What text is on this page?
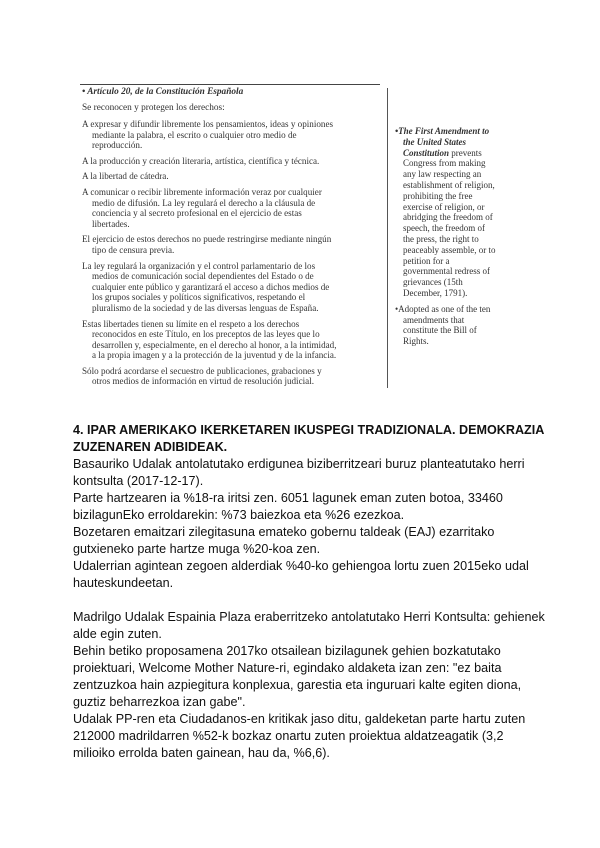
• Artículo 20, de la Constitución Española
Se reconocen y protegen los derechos:

A expresar y difundir libremente los pensamientos, ideas y opiniones
mediante la palabra, el escrito o cualquier otro medio de
reproducción.

A la producción y creación literaria, artística, científica y técnica.

A la libertad de cátedra.

A comunicar o recibir libremente información veraz por cualquier
medio de difusión. La ley regulará el derecho a la cláusula de
conciencia y al secreto profesional en el ejercicio de estas
libertades.

El ejercicio de estos derechos no puede restringirse mediante ningún
tipo de censura previa.

La ley regulará la organización y el control parlamentario de los
medios de comunicación social dependientes del Estado o de
cualquier ente público y garantizará el acceso a dichos medios de
los grupos sociales y políticos significativos, respetando el
pluralismo de la sociedad y de las diversas lenguas de España.

Estas libertades tienen su límite en el respeto a los derechos
reconocidos en este Título, en los preceptos de las leyes que lo
desarrollen y, especialmente, en el derecho al honor, a la intimidad,
a la propia imagen y a la protección de la juventud y de la infancia.

Sólo podrá acordarse el secuestro de publicaciones, grabaciones y
otros medios de información en virtud de resolución judicial.

• The First Amendment to
the United States
Constitution prevents
Congress from making
any law respecting an
establishment of religion,
prohibiting the free
exercise of religion, or
abridging the freedom of
speech, the freedom of
the press, the right to
peaceably assemble, or to
petition for a
governmental redress of
grievances (15th
December, 1791).
• Adopted as one of the ten
amendments that
constitute the Bill of
Rights.
4. IPAR AMERIKAKO IKERKETAREN IKUSPEGI TRADIZIONALA. DEMOKRAZIA
ZUZENAREN ADIBIDEAK.

Basauriko Udalak antolatutako erdigunea biziberritzeari buruz planteatutako herri

kontsulta (2017-12-17).

Parte hartzearen ia %18-ra iritsi zen. 6051 lagunek eman zuten botoa, 33460

bizilagunEko erroldarekin: %73 baiezkoa eta %26 ezezkoa.

Bozetaren emaitzari zilegitasuna emateko gobernu taldeak (EAJ) ezarritako

gutxieneko parte hartze muga %20-koa zen.

Udalerrian agintean zegoen alderdiak %40-ko gehiengoa lortu zuen 2015eko udal

hauteskundeetan.

Madrilgo Udalak Espainia Plaza eraberritzeko antolatutako Herri Kontsulta: gehienek

alde egin zuten.

Behin betiko proposamena 2017ko otsailean bizilagunek gehien bozkatutako

proiektuari, Welcome Mother Nature-ri, egindako aldaketa izan zen: "ez baita

zentzuzkoa hain azpiegitura konplexua, garestia eta inguruari kalte egiten diona,

guztiz beharrezkoa izan gabe".

Udalak PP-ren eta Ciudadanos-en kritikak jaso ditu, galdeketan parte hartu zuten

212000 madrildarren %52-k bozkaz onartu zuten proiektua aldatzeagatik (3,2

milioiko errolda baten gainean, hau da, %6,6).
